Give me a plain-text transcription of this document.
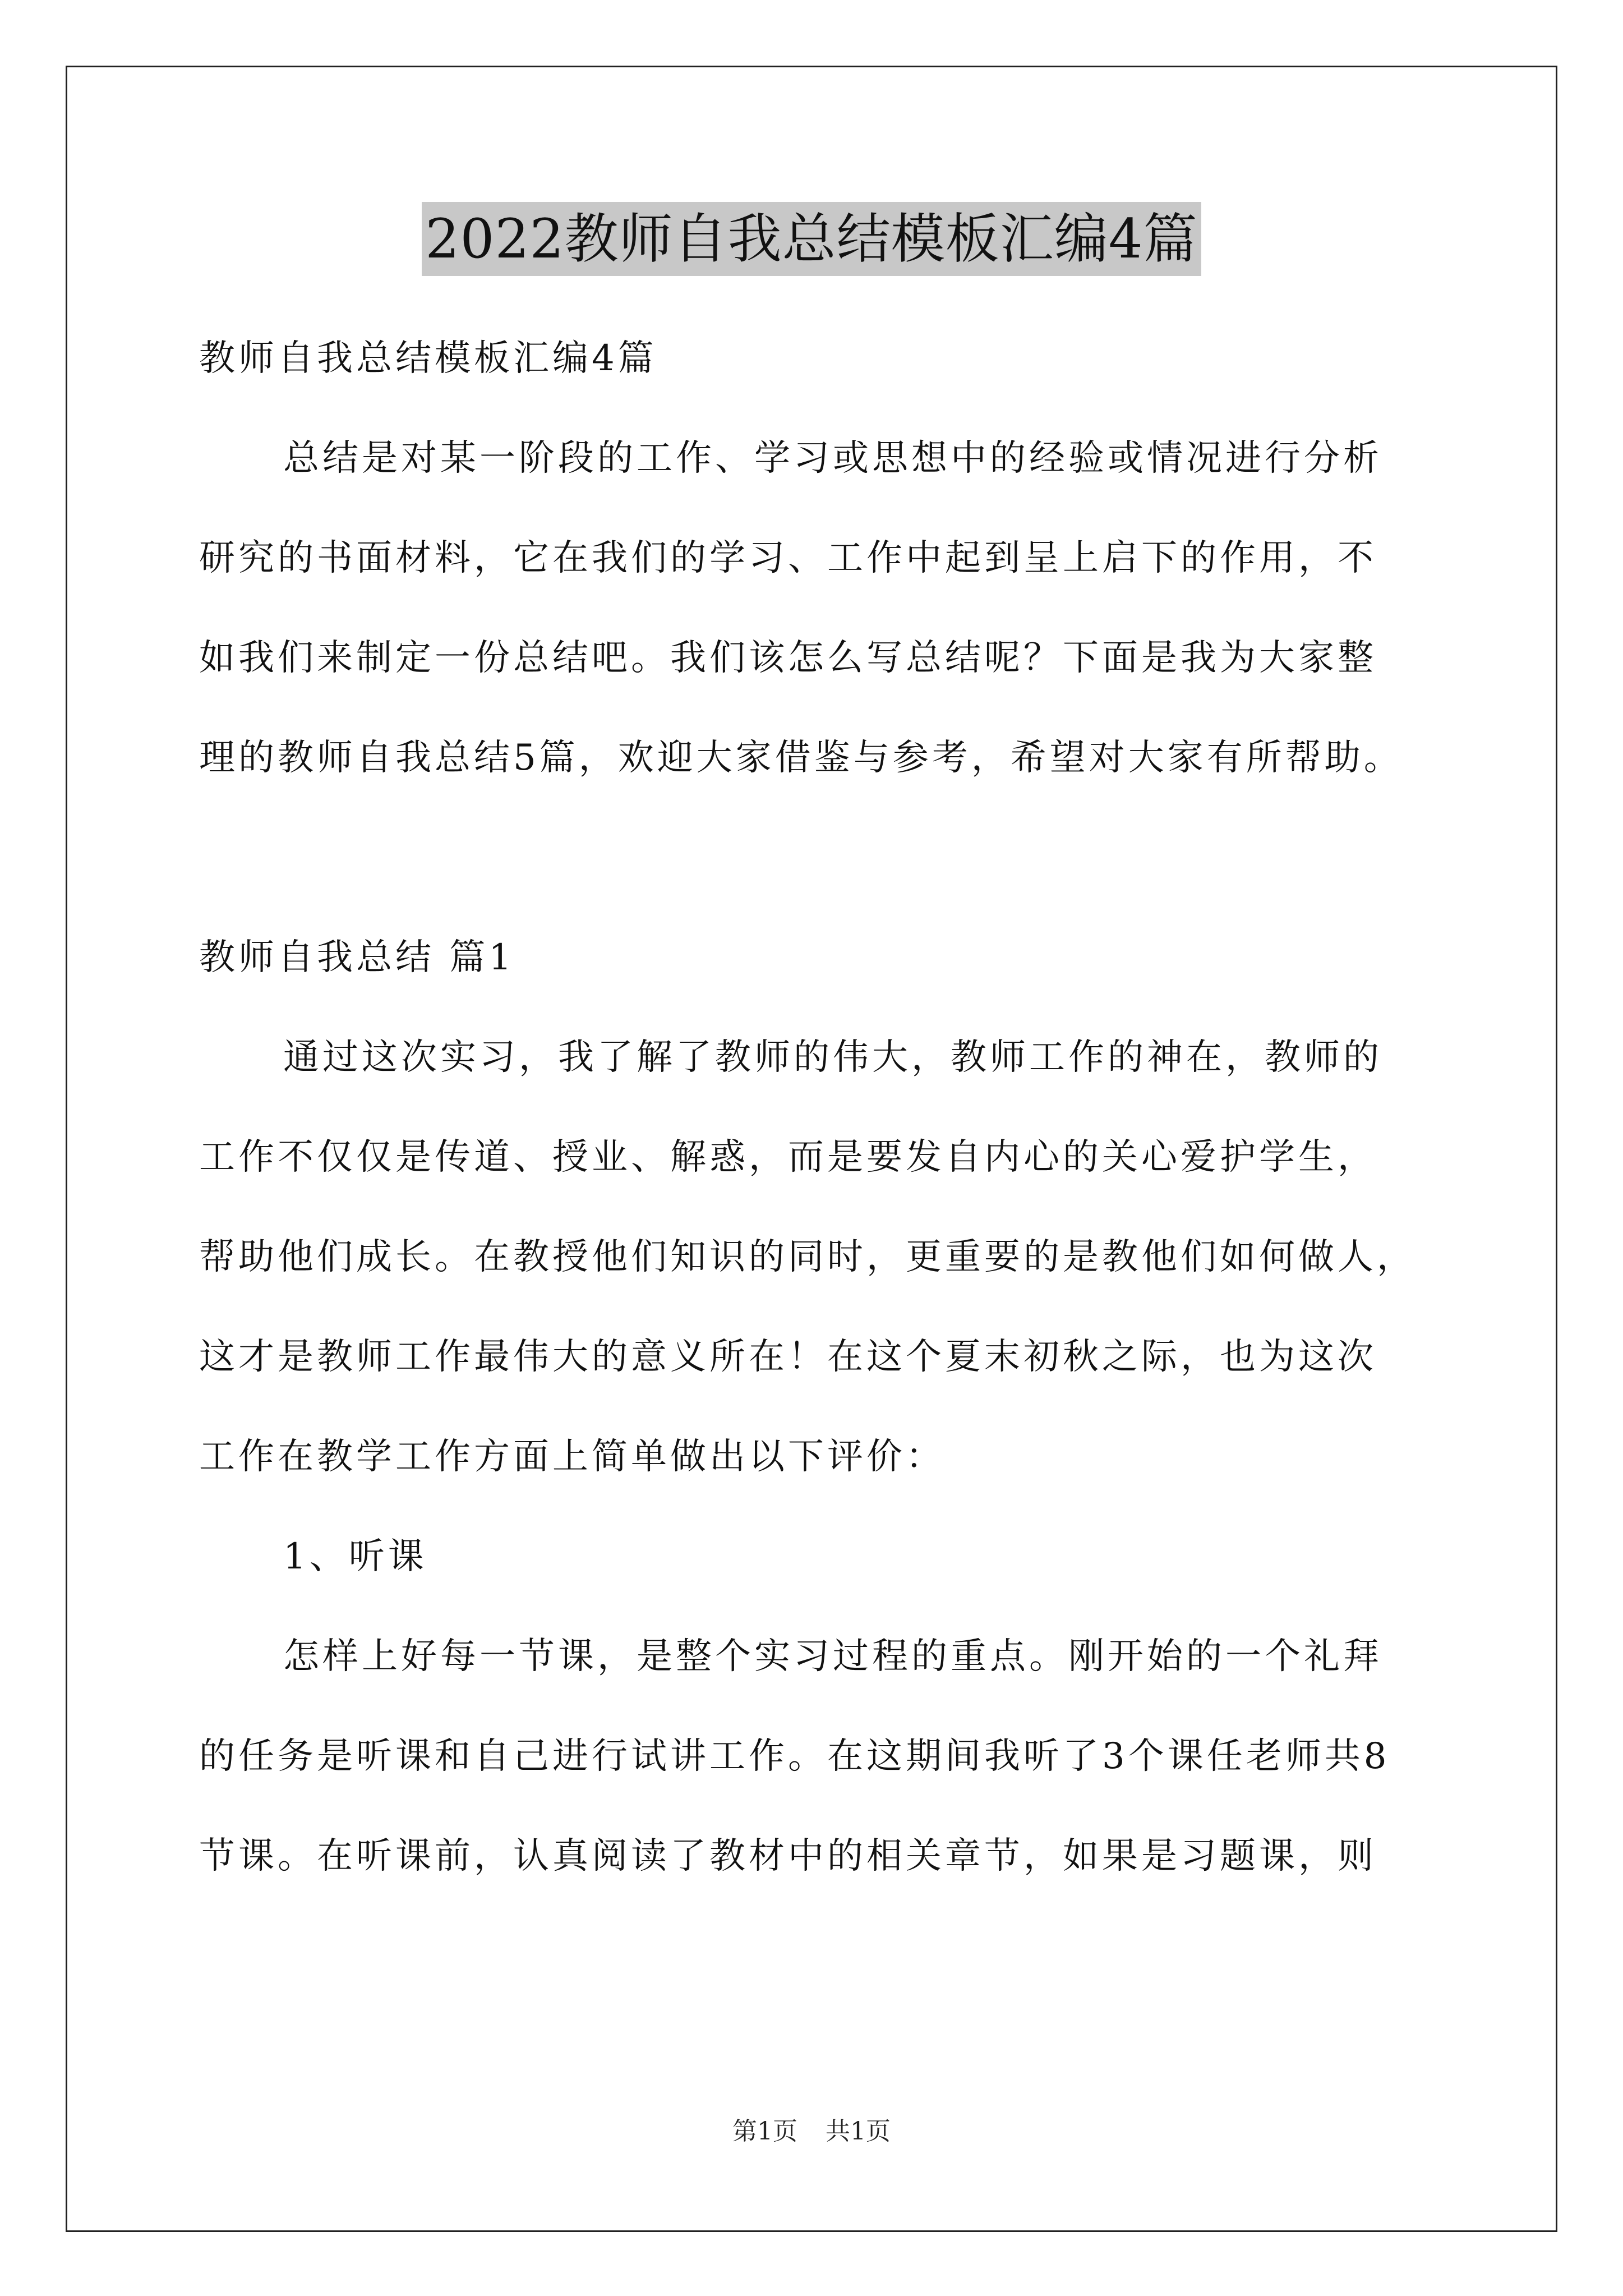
2022教师自我总结模板汇编4篇

教师自我总结模板汇编4篇

总结是对某一阶段的工作、学习或思想中的经验或情况进行分析

研究的书面材料，它在我们的学习、工作中起到呈上启下的作用，不

如我们来制定一份总结吧。我们该怎么写总结呢？下面是我为大家整

理的教师自我总结5篇，欢迎大家借鉴与参考，希望对大家有所帮助。

教师自我总结 篇1

通过这次实习，我了解了教师的伟大，教师工作的神在，教师的

工作不仅仅是传道、授业、解惑，而是要发自内心的关心爱护学生，

帮助他们成长。在教授他们知识的同时，更重要的是教他们如何做人，

这才是教师工作最伟大的意义所在！在这个夏末初秋之际，也为这次

工作在教学工作方面上简单做出以下评价：

1、听课

怎样上好每一节课，是整个实习过程的重点。刚开始的一个礼拜

的任务是听课和自己进行试讲工作。在这期间我听了3个课任老师共8

节课。在听课前，认真阅读了教材中的相关章节，如果是习题课，则

第1页 共1页
